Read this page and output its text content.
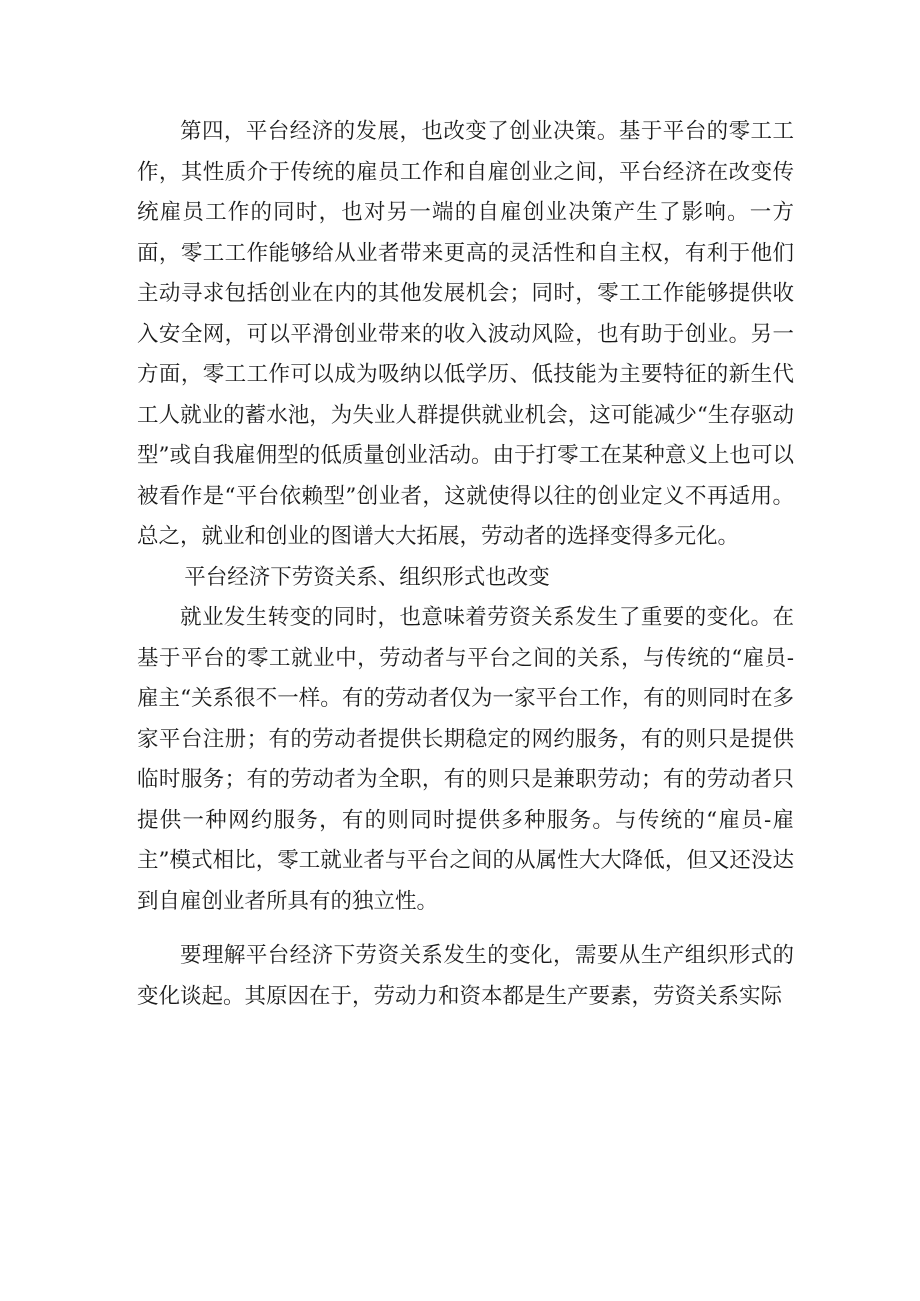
第四，平台经济的发展，也改变了创业决策。基于平台的零工工作，其性质介于传统的雇员工作和自雇创业之间，平台经济在改变传统雇员工作的同时，也对另一端的自雇创业决策产生了影响。一方面，零工工作能够给从业者带来更高的灵活性和自主权，有利于他们主动寻求包括创业在内的其他发展机会；同时，零工工作能够提供收入安全网，可以平滑创业带来的收入波动风险，也有助于创业。另一方面，零工工作可以成为吸纳以低学历、低技能为主要特征的新生代工人就业的蓄水池，为失业人群提供就业机会，这可能减少“生存驱动型”或自我雇佣型的低质量创业活动。由于打零工在某种意义上也可以被看作是“平台依赖型”创业者，这就使得以往的创业定义不再适用。总之，就业和创业的图谱大大拓展，劳动者的选择变得多元化。

平台经济下劳资关系、组织形式也改变

就业发生转变的同时，也意味着劳资关系发生了重要的变化。在基于平台的零工就业中，劳动者与平台之间的关系，与传统的“雇员-雇主“关系很不一样。有的劳动者仅为一家平台工作，有的则同时在多家平台注册；有的劳动者提供长期稳定的网约服务，有的则只是提供临时服务；有的劳动者为全职，有的则只是兼职劳动；有的劳动者只提供一种网约服务，有的则同时提供多种服务。与传统的“雇员-雇主”模式相比，零工就业者与平台之间的从属性大大降低，但又还没达到自雇创业者所具有的独立性。

要理解平台经济下劳资关系发生的变化，需要从生产组织形式的变化谈起。其原因在于，劳动力和资本都是生产要素，劳资关系实际
